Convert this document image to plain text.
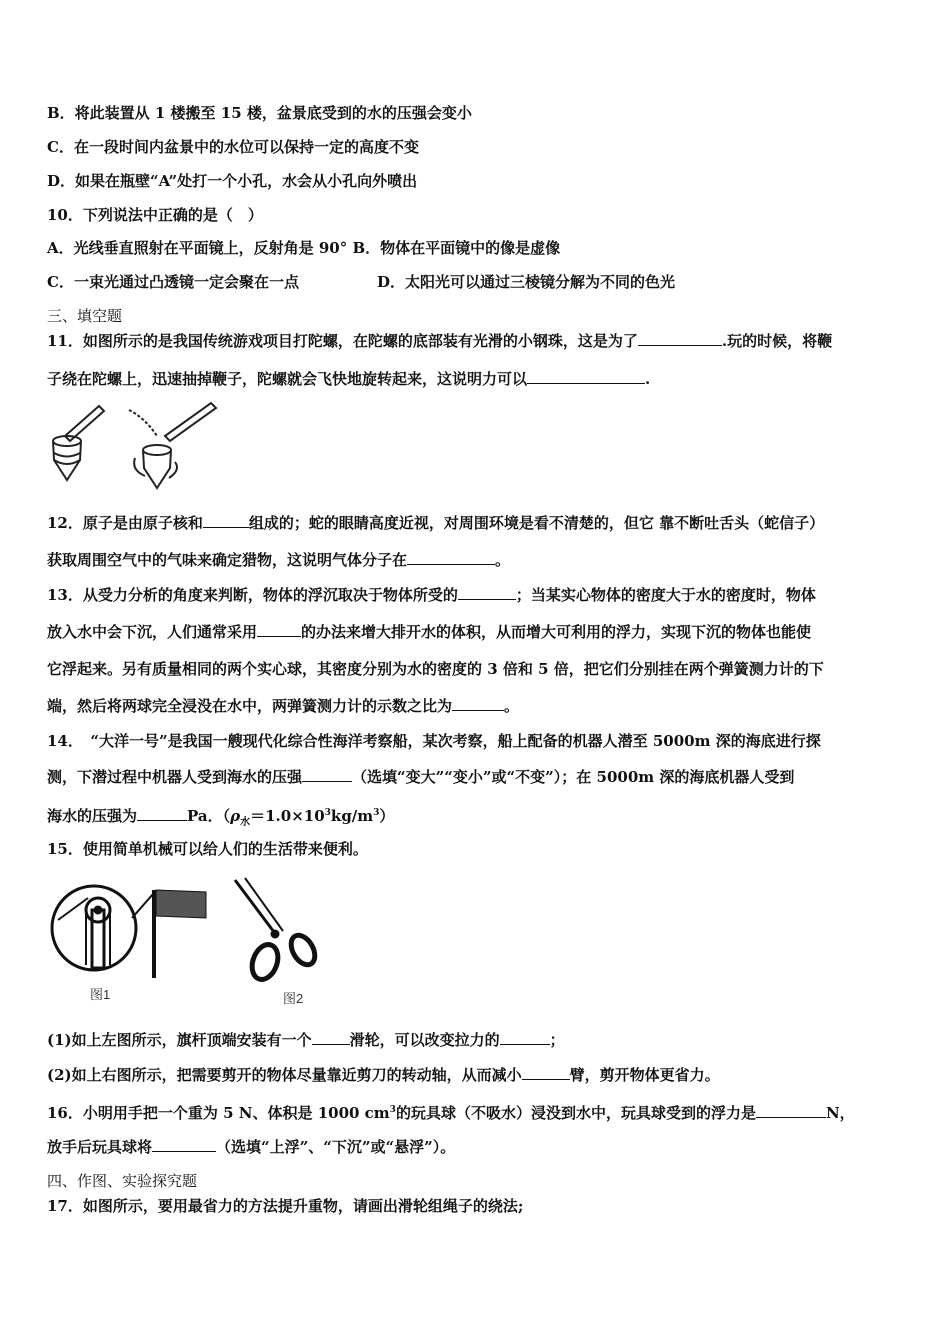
B．将此装置从 1 楼搬至 15 楼，盆景底受到的水的压强会变小
C．在一段时间内盆景中的水位可以保持一定的高度不变
D．如果在瓶壁“A”处打一个小孔，水会从小孔向外喷出
10．下列说法中正确的是（　）
A．光线垂直照射在平面镜上，反射角是 90° B．物体在平面镜中的像是虚像
C．一束光通过凸透镜一定会聚在一点	D．太阳光可以通过三棱镜分解为不同的色光
三、填空题
11．如图所示的是我国传统游戏项目打陀螺，在陀螺的底部装有光滑的小钢珠，这是为了	.玩的时候，将鞭
子绕在陀螺上，迅速抽掉鞭子，陀螺就会飞快地旋转起来，这说明力可以	.
12．原子是由原子核和	组成的；蛇的眼睛高度近视，对周围环境是看不清楚的，但它 靠不断吐舌头（蛇信子）
获取周围空气中的气味来确定猎物，这说明气体分子在	。
13．从受力分析的角度来判断，物体的浮沉取决于物体所受的	；当某实心物体的密度大于水的密度时，物体
放入水中会下沉，人们通常采用	的办法来增大排开水的体积，从而增大可利用的浮力，实现下沉的物体也能使
它浮起来。另有质量相同的两个实心球，其密度分别为水的密度的 3 倍和 5 倍，把它们分别挂在两个弹簧测力计的下
端，然后将两球完全浸没在水中，两弹簧测力计的示数之比为	。
14．　“大洋一号”是我国一艘现代化综合性海洋考察船，某次考察，船上配备的机器人潜至 5000m 深的海底进行探
测，下潜过程中机器人受到海水的压强	（选填“变大”“变小”或“不变”）；在 5000m 深的海底机器人受到
海水的压强为	Pa．$(\rho_水=1.0\times 10^3kg/m^3)$
15．使用简单机械可以给人们的生活带来便利。
图1	图2
(1)如上左图所示，旗杆顶端安装有一个	滑轮，可以改变拉力的	；
(2)如上右图所示，把需要剪开的物体尽量靠近剪刀的转动轴，从而减小	臂，剪开物体更省力。
16．小明用手把一个重为 5 N、体积是 1000 $cm^3$的玩具球（不吸水）浸没到水中，玩具球受到的浮力是	N，
放手后玩具球将	（选填“上浮”、“下沉”或“悬浮”）。
四、作图、实验探究题
17．如图所示，要用最省力的方法提升重物，请画出滑轮组绳子的绕法;
